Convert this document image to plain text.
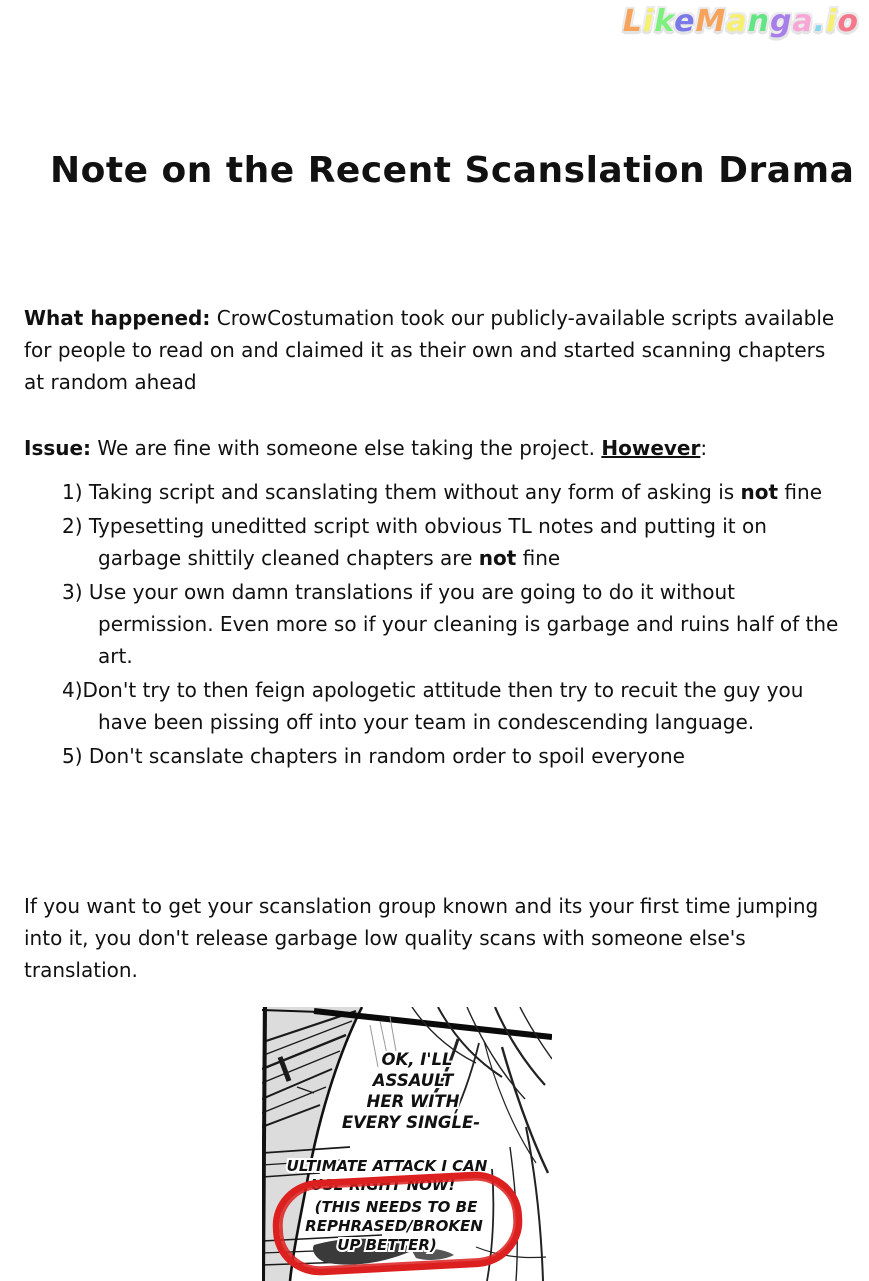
LikeManga.io
Note on the Recent Scanslation Drama

What happened: CrowCostumation took our publicly-available scripts available for people to read on and claimed it as their own and started scanning chapters at random ahead

Issue: We are fine with someone else taking the project. However:

1) Taking script and scanslating them without any form of asking is not fine
2) Typesetting uneditted script with obvious TL notes and putting it on garbage shittily cleaned chapters are not fine
3) Use your own damn translations if you are going to do it without permission. Even more so if your cleaning is garbage and ruins half of the art.
4)Don't try to then feign apologetic attitude then try to recuit the guy you have been pissing off into your team in condescending language.
5) Don't scanslate chapters in random order to spoil everyone

If you want to get your scanslation group known and its your first time jumping into it, you don't release garbage low quality scans with someone else's translation.

OK, I'LL
ASSAULT
HER WITH
EVERY SINGLE-
ULTIMATE ATTACK I CAN
USE RIGHT NOW!
(THIS NEEDS TO BE
REPHRASED/BROKEN
UP BETTER)
